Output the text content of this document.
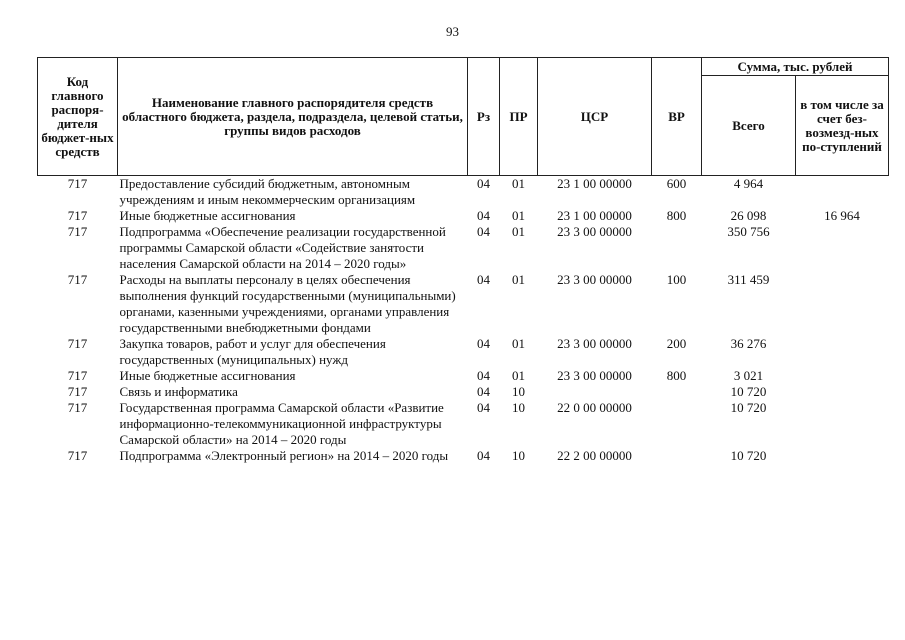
93
Код главного распоря-дителя бюджет-ных средств	Наименование главного распорядителя средств областного бюджета, раздела, подраздела, целевой статьи, группы видов расходов	Рз	ПР	ЦСР	ВР	Сумма, тыс. рублей	
						Всего	в том числе за счет без-возмезд-ных по-ступлений
717	Предоставление субсидий бюджетным, автономным учреждениям и иным некоммерческим организациям	04	01	23 1 00 00000	600	4 964	
717	Иные бюджетные ассигнования	04	01	23 1 00 00000	800	26 098	16 964
717	Подпрограмма «Обеспечение реализации государственной программы Самарской области «Содействие занятости населения Самарской области на 2014 – 2020 годы»	04	01	23 3 00 00000		350 756	
717	Расходы на выплаты персоналу в целях обеспечения выполнения функций государственными (муниципальными) органами, казенными учреждениями, органами управления государственными внебюджетными фондами	04	01	23 3 00 00000	100	311 459	
717	Закупка товаров, работ и услуг для обеспечения государственных (муниципальных) нужд	04	01	23 3 00 00000	200	36 276	
717	Иные бюджетные ассигнования	04	01	23 3 00 00000	800	3 021	
717	Связь и информатика	04	10			10 720	
717	Государственная программа Самарской области «Развитие информационно-телекоммуникационной инфраструктуры Самарской области» на 2014 – 2020 годы	04	10	22 0 00 00000		10 720	
717	Подпрограмма «Электронный регион» на 2014 – 2020 годы	04	10	22 2 00 00000		10 720	
